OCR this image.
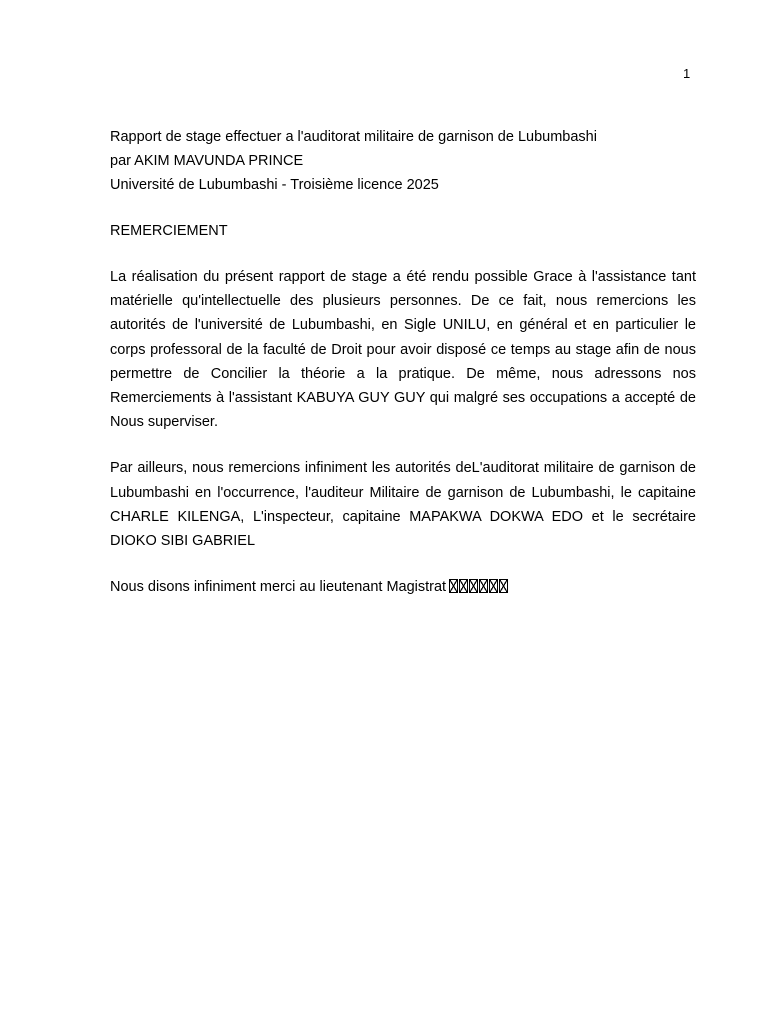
1
Rapport de stage effectuer a l'auditorat militaire de garnison de Lubumbashi
par AKIM MAVUNDA PRINCE
Université de Lubumbashi - Troisième licence 2025
REMERCIEMENT
La réalisation du présent rapport de stage a été rendu possible Grace à l'assistance tant matérielle qu'intellectuelle des plusieurs personnes. De ce fait, nous remercions les autorités de l'université de Lubumbashi, en Sigle UNILU, en général et en particulier le corps professoral de la faculté de Droit pour avoir disposé ce temps au stage afin de nous permettre de Concilier la théorie a la pratique. De même, nous adressons nos Remerciements à l'assistant KABUYA GUY GUY qui malgré ses occupations a accepté de Nous superviser.
Par ailleurs, nous remercions infiniment les autorités deL'auditorat militaire de garnison de Lubumbashi en l'occurrence, l'auditeur Militaire de garnison de Lubumbashi, le capitaine CHARLE KILENGA, L'inspecteur, capitaine MAPAKWA DOKWA EDO et le secrétaire DIOKO SIBI GABRIEL
Nous disons infiniment merci au lieutenant Magistrat
